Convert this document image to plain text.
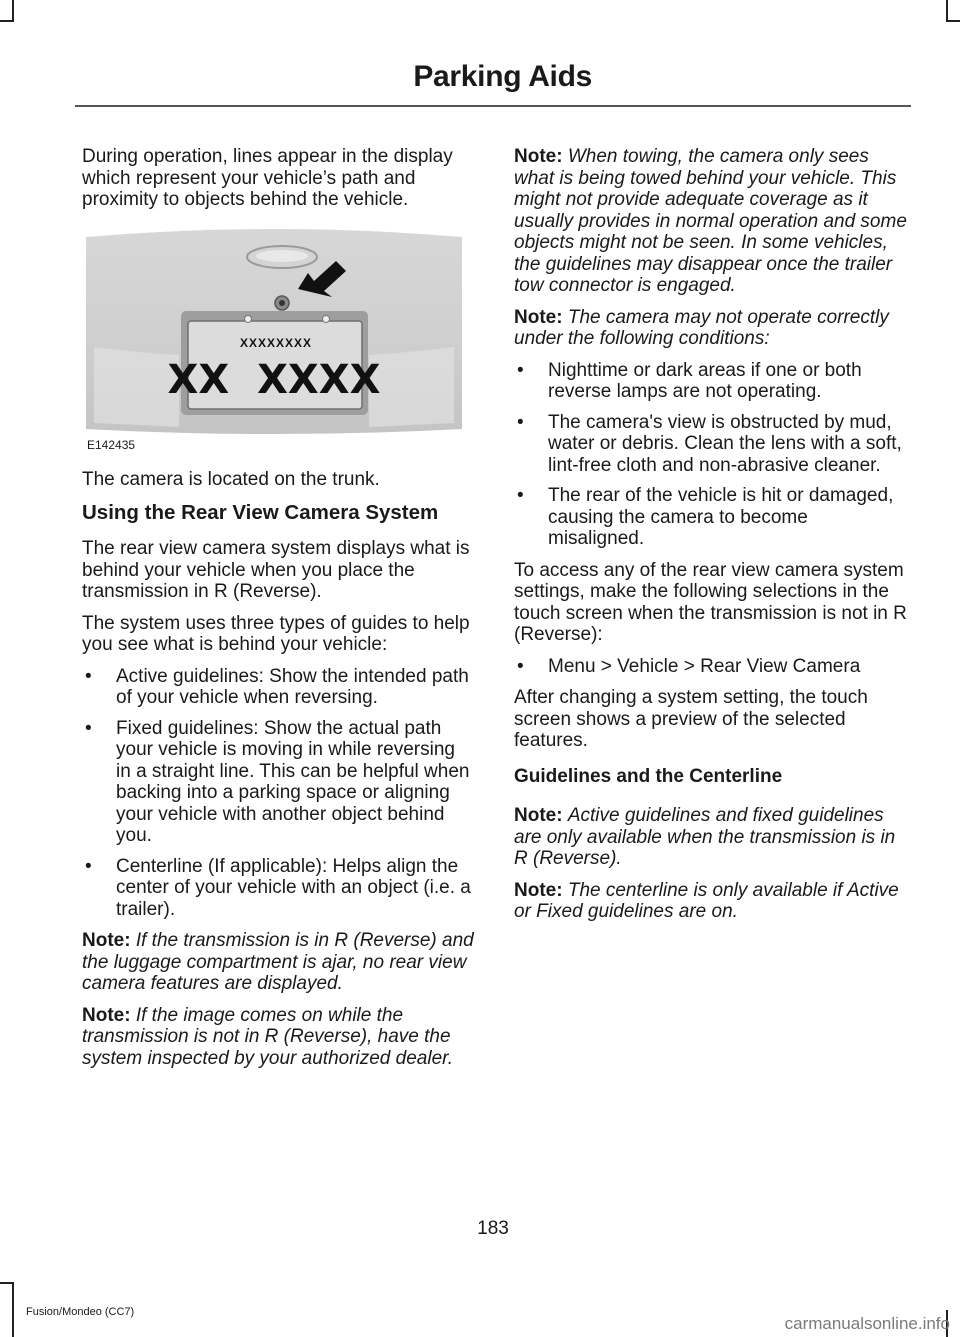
Parking Aids

During operation, lines appear in the display which represent your vehicle’s path and proximity to objects behind the vehicle.

XXXXXXXX
XX  XXXX
E142435

The camera is located on the trunk.

Using the Rear View Camera System

The rear view camera system displays what is behind your vehicle when you place the transmission in R (Reverse).

The system uses three types of guides to help you see what is behind your vehicle:

• Active guidelines: Show the intended path of your vehicle when reversing.
• Fixed guidelines: Show the actual path your vehicle is moving in while reversing in a straight line. This can be helpful when backing into a parking space or aligning your vehicle with another object behind you.
• Centerline (If applicable): Helps align the center of your vehicle with an object (i.e. a trailer).

Note: If the transmission is in R (Reverse) and the luggage compartment is ajar, no rear view camera features are displayed.

Note: If the image comes on while the transmission is not in R (Reverse), have the system inspected by your authorized dealer.

Note: When towing, the camera only sees what is being towed behind your vehicle. This might not provide adequate coverage as it usually provides in normal operation and some objects might not be seen. In some vehicles, the guidelines may disappear once the trailer tow connector is engaged.

Note: The camera may not operate correctly under the following conditions:

• Nighttime or dark areas if one or both reverse lamps are not operating.
• The camera's view is obstructed by mud, water or debris. Clean the lens with a soft, lint-free cloth and non-abrasive cleaner.
• The rear of the vehicle is hit or damaged, causing the camera to become misaligned.

To access any of the rear view camera system settings, make the following selections in the touch screen when the transmission is not in R (Reverse):

• Menu > Vehicle > Rear View Camera

After changing a system setting, the touch screen shows a preview of the selected features.

Guidelines and the Centerline

Note: Active guidelines and fixed guidelines are only available when the transmission is in R (Reverse).

Note: The centerline is only available if Active or Fixed guidelines are on.

183
Fusion/Mondeo (CC7)
carmanualsonline.info
